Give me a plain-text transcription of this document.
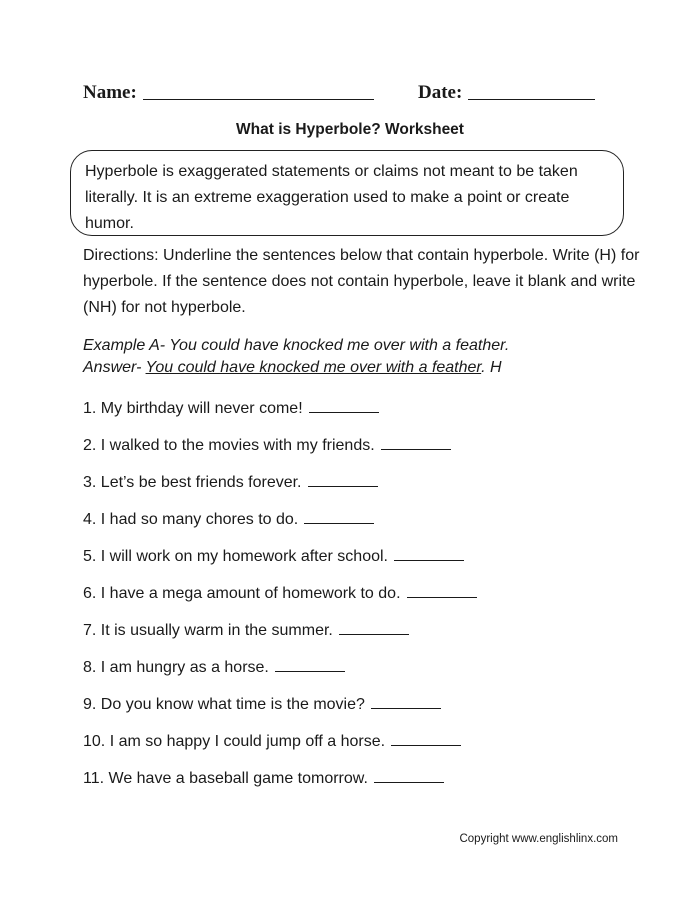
Name:	Date:
What is Hyperbole? Worksheet
Hyperbole is exaggerated statements or claims not meant to be taken literally. It is an extreme exaggeration used to make a point or create humor.
Directions: Underline the sentences below that contain hyperbole. Write (H) for hyperbole. If the sentence does not contain hyperbole, leave it blank and write (NH) for not hyperbole.
Example A- You could have knocked me over with a feather.
Answer- You could have knocked me over with a feather. H
1. My birthday will never come!
2. I walked to the movies with my friends.
3. Let’s be best friends forever.
4. I had so many chores to do.
5. I will work on my homework after school.
6. I have a mega amount of homework to do.
7. It is usually warm in the summer.
8. I am hungry as a horse.
9. Do you know what time is the movie?
10. I am so happy I could jump off a horse.
11. We have a baseball game tomorrow.
Copyright www.englishlinx.com
